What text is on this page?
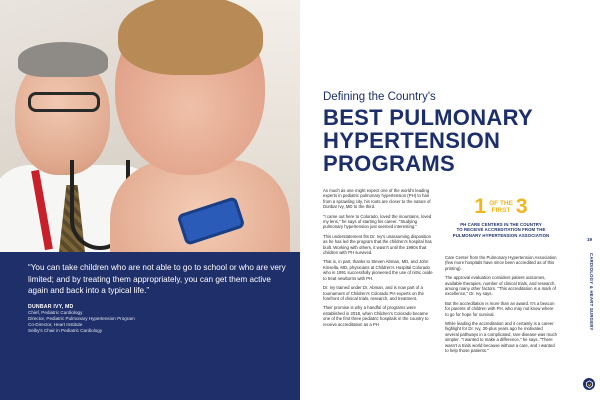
“You can take children who are not able to go to school or who are very limited; and by treating them appropriately, you can get them active again and back into a typical life.”

DUNBAR IVY, MD

Chief, Pediatric Cardiology

Director, Pediatric Pulmonary Hypertension Program

Co-Director, Heart Institute

Selby's Chair in Pediatric Cardiology

Defining the Country's
BEST PULMONARY
HYPERTENSION
PROGRAMS

As much as one might expect one of the world's leading experts in pediatric pulmonary hypertension (PH) to hail from a sprawling city, his roots are closer to the nature of Dunbar Ivy, MD to the third.

"I came out here to Colorado, loved the mountains, loved my lens," he says of starting his career. "Studying pulmonary hypertension just seemed interesting."

This understatement fits Dr. Ivy's unassuming disposition as he has led the program that the children's hospital has built. Working with others, it wasn't until the 1990s that children with PH survived.

That is, in part, thanks to Steven Abman, MD, and John Kinsella, MD, physicians at Children's Hospital Colorado who in 1991 successfully pioneered the use of nitric oxide to treat newborns with PH.

Dr. Ivy trained under Dr. Abman, and is now part of a tournament of Children's Colorado PH experts on the forefront of clinical trials, research, and treatment.

Their promise is why a handful of programs were established in 2018, when Children's Colorado became one of the first three pediatric hospitals in the country to receive accreditation as a PH

1 OF THE
FIRST 3
PH CARE CENTERS IN THE COUNTRY
TO RECEIVE ACCREDITATION FROM THE
PULMONARY HYPERTENSION ASSOCIATION

Care Center from the Pulmonary Hypertension Association (few more hospitals have since been accredited as of this printing).

The approval evaluation considers patient outcomes, available therapies, number of clinical trials, and research, among many other factors. "This accreditation is a mark of excellence," Dr. Ivy says.

But the accreditation is more than an award. It's a beacon for parents of children with PH, who may not know where to go for hope for survival.

While leading the accreditation and it certainly is a career highlight for Dr. Ivy, 30-plus years ago he motivated several pathways in a complicated, rare disease was much simpler. "I wanted to make a difference," he says. "There wasn't a trials world because without a care, and I wanted to help those patients."

19
CARDIOLOGY & HEART SURGERY
